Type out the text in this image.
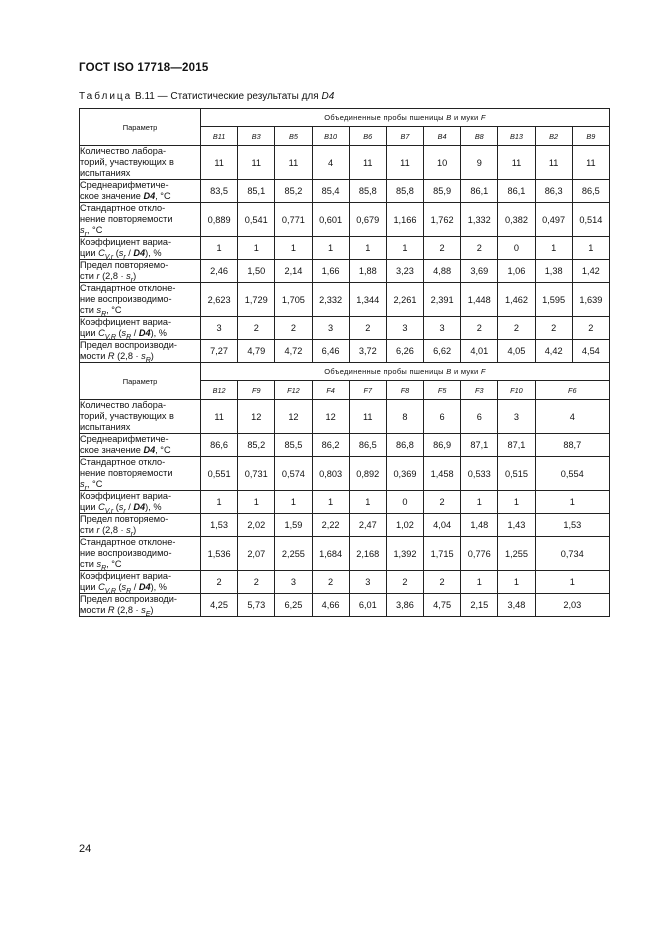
ГОСТ ISO 17718—2015
Таблица B.11 — Статистические результаты для D4
Параметр	Объединенные пробы пшеницы B и муки F										
	B11	B3	B5	B10	B6	B7	B4	B8	B13	B2	B9

Количество лабора-
торий, участвующих в
испытаниях	11	11	11	4	11	11	10	9	11	11	11

Среднеарифметиче-
ское значение D4, °C	83,5	85,1	85,2	85,4	85,8	85,8	85,9	86,1	86,1	86,3	86,5

Стандартное откло-
нение повторяемости
$s_r$, °C	0,889	0,541	0,771	0,601	0,679	1,166	1,762	1,332	0,382	0,497	0,514

Коэффициент вариа-
ции $C_{V,r}$ $(s_r / D4)$, %	1	1	1	1	1	1	2	2	0	1	1

Предел повторяемо-
сти r $(2,8 \cdot s_r)$	2,46	1,50	2,14	1,66	1,88	3,23	4,88	3,69	1,06	1,38	1,42

Стандартное отклоне-
ние воспроизводимо-
сти $s_R$, °C	2,623	1,729	1,705	2,332	1,344	2,261	2,391	1,448	1,462	1,595	1,639

Коэффициент вариа-
ции $C_{V,R}$ $(s_R / D4)$, %	3	2	2	3	2	3	3	2	2	2	2

Предел воспроизводи-
мости R $(2,8 \cdot s_R)$	7,27	4,79	4,72	6,46	3,72	6,26	6,62	4,01	4,05	4,42	4,54
Параметр	Объединенные пробы пшеницы B и муки F										
	B12	F9	F12	F4	F7	F8	F5	F3	F10	F6	

Количество лабора-
торий, участвующих в
испытаниях	11	12	12	12	11	8	6	6	3	4	

Среднеарифметиче-
ское значение D4, °C	86,6	85,2	85,5	86,2	86,5	86,8	86,9	87,1	87,1	88,7	

Стандартное откло-
нение повторяемости
$s_r$, °C	0,551	0,731	0,574	0,803	0,892	0,369	1,458	0,533	0,515	0,554	

Коэффициент вариа-
ции $C_{V,r}$ $(s_r / D4)$, %	1	1	1	1	1	0	2	1	1	1	

Предел повторяемо-
сти r $(2,8 \cdot s_r)$	1,53	2,02	1,59	2,22	2,47	1,02	4,04	1,48	1,43	1,53	

Стандартное отклоне-
ние воспроизводимо-
сти $s_R$, °C	1,536	2,07	2,255	1,684	2,168	1,392	1,715	0,776	1,255	0,734	

Коэффициент вариа-
ции $C_{V,R}$ $(s_R / D4)$, %	2	2	3	2	3	2	2	1	1	1	

Предел воспроизводи-
мости R $(2,8 \cdot s_E)$	4,25	5,73	6,25	4,66	6,01	3,86	4,75	2,15	3,48	2,03	
24
